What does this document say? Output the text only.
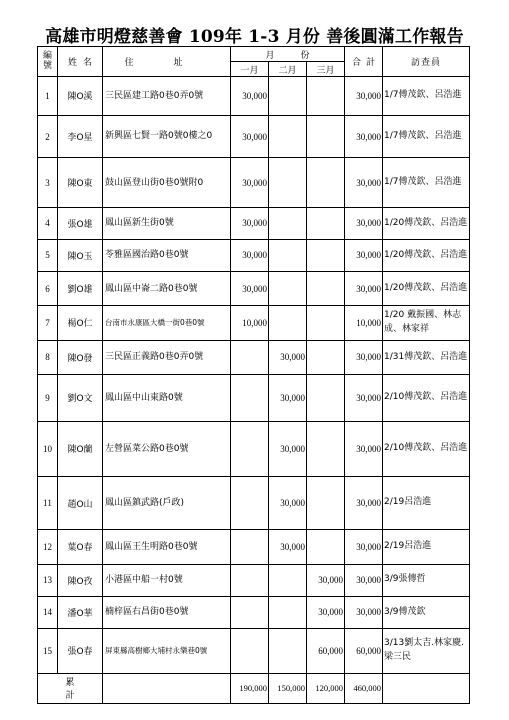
高雄市明燈慈善會 109年 1-3 月份 善後圓滿工作報告
編
號	姓名	住址	月份			合計	訪查員
			一月	二月	三月		
1	陳O溪	三民區建工路0巷0弄0號	30,000			30,000	1/7傅茂欽、呂浩進
2	李O星	新興區七賢一路0號0樓之0	30,000			30,000	1/7傅茂欽、呂浩進
3	陳O東	鼓山區登山街0巷0號附0	30,000			30,000	1/7傅茂欽、呂浩進
4	張O雄	鳳山區新生街0號	30,000			30,000	1/20傅茂欽、呂浩進
5	陳O玉	苓雅區國治路0巷0號	30,000			30,000	1/20傅茂欽、呂浩進
6	劉O雄	鳳山區中崙二路0巷0號	30,000			30,000	1/20傅茂欽、呂浩進
7	楊O仁	台南市永康區大橋一街0巷0號	10,000			10,000	1/20 戴振國、林志成、林家祥
8	陳O發	三民區正義路0巷0弄0號		30,000		30,000	1/31傅茂欽、呂浩進
9	劉O文	鳳山區中山東路0號		30,000		30,000	2/10傅茂欽、呂浩進
10	陳O蘭	左營區菜公路0巷0號		30,000		30,000	2/10傅茂欽、呂浩進
11	趙O山	鳳山區鎮武路(戶政)		30,000		30,000	2/19呂浩進
12	葉O春	鳳山區王生明路0巷0號		30,000		30,000	2/19呂浩進
13	陳O孜	小港區中船一村0號			30,000	30,000	3/9張傳哲
14	潘O華	楠梓區右昌街0巷0號			30,000	30,000	3/9傅茂欽
15	張O春	屏東縣高樹鄉大埔村永樂巷0號			60,000	60,000	3/13劉太吉.林家慶.梁三民
累計			190,000	150,000	120,000	460,000	
